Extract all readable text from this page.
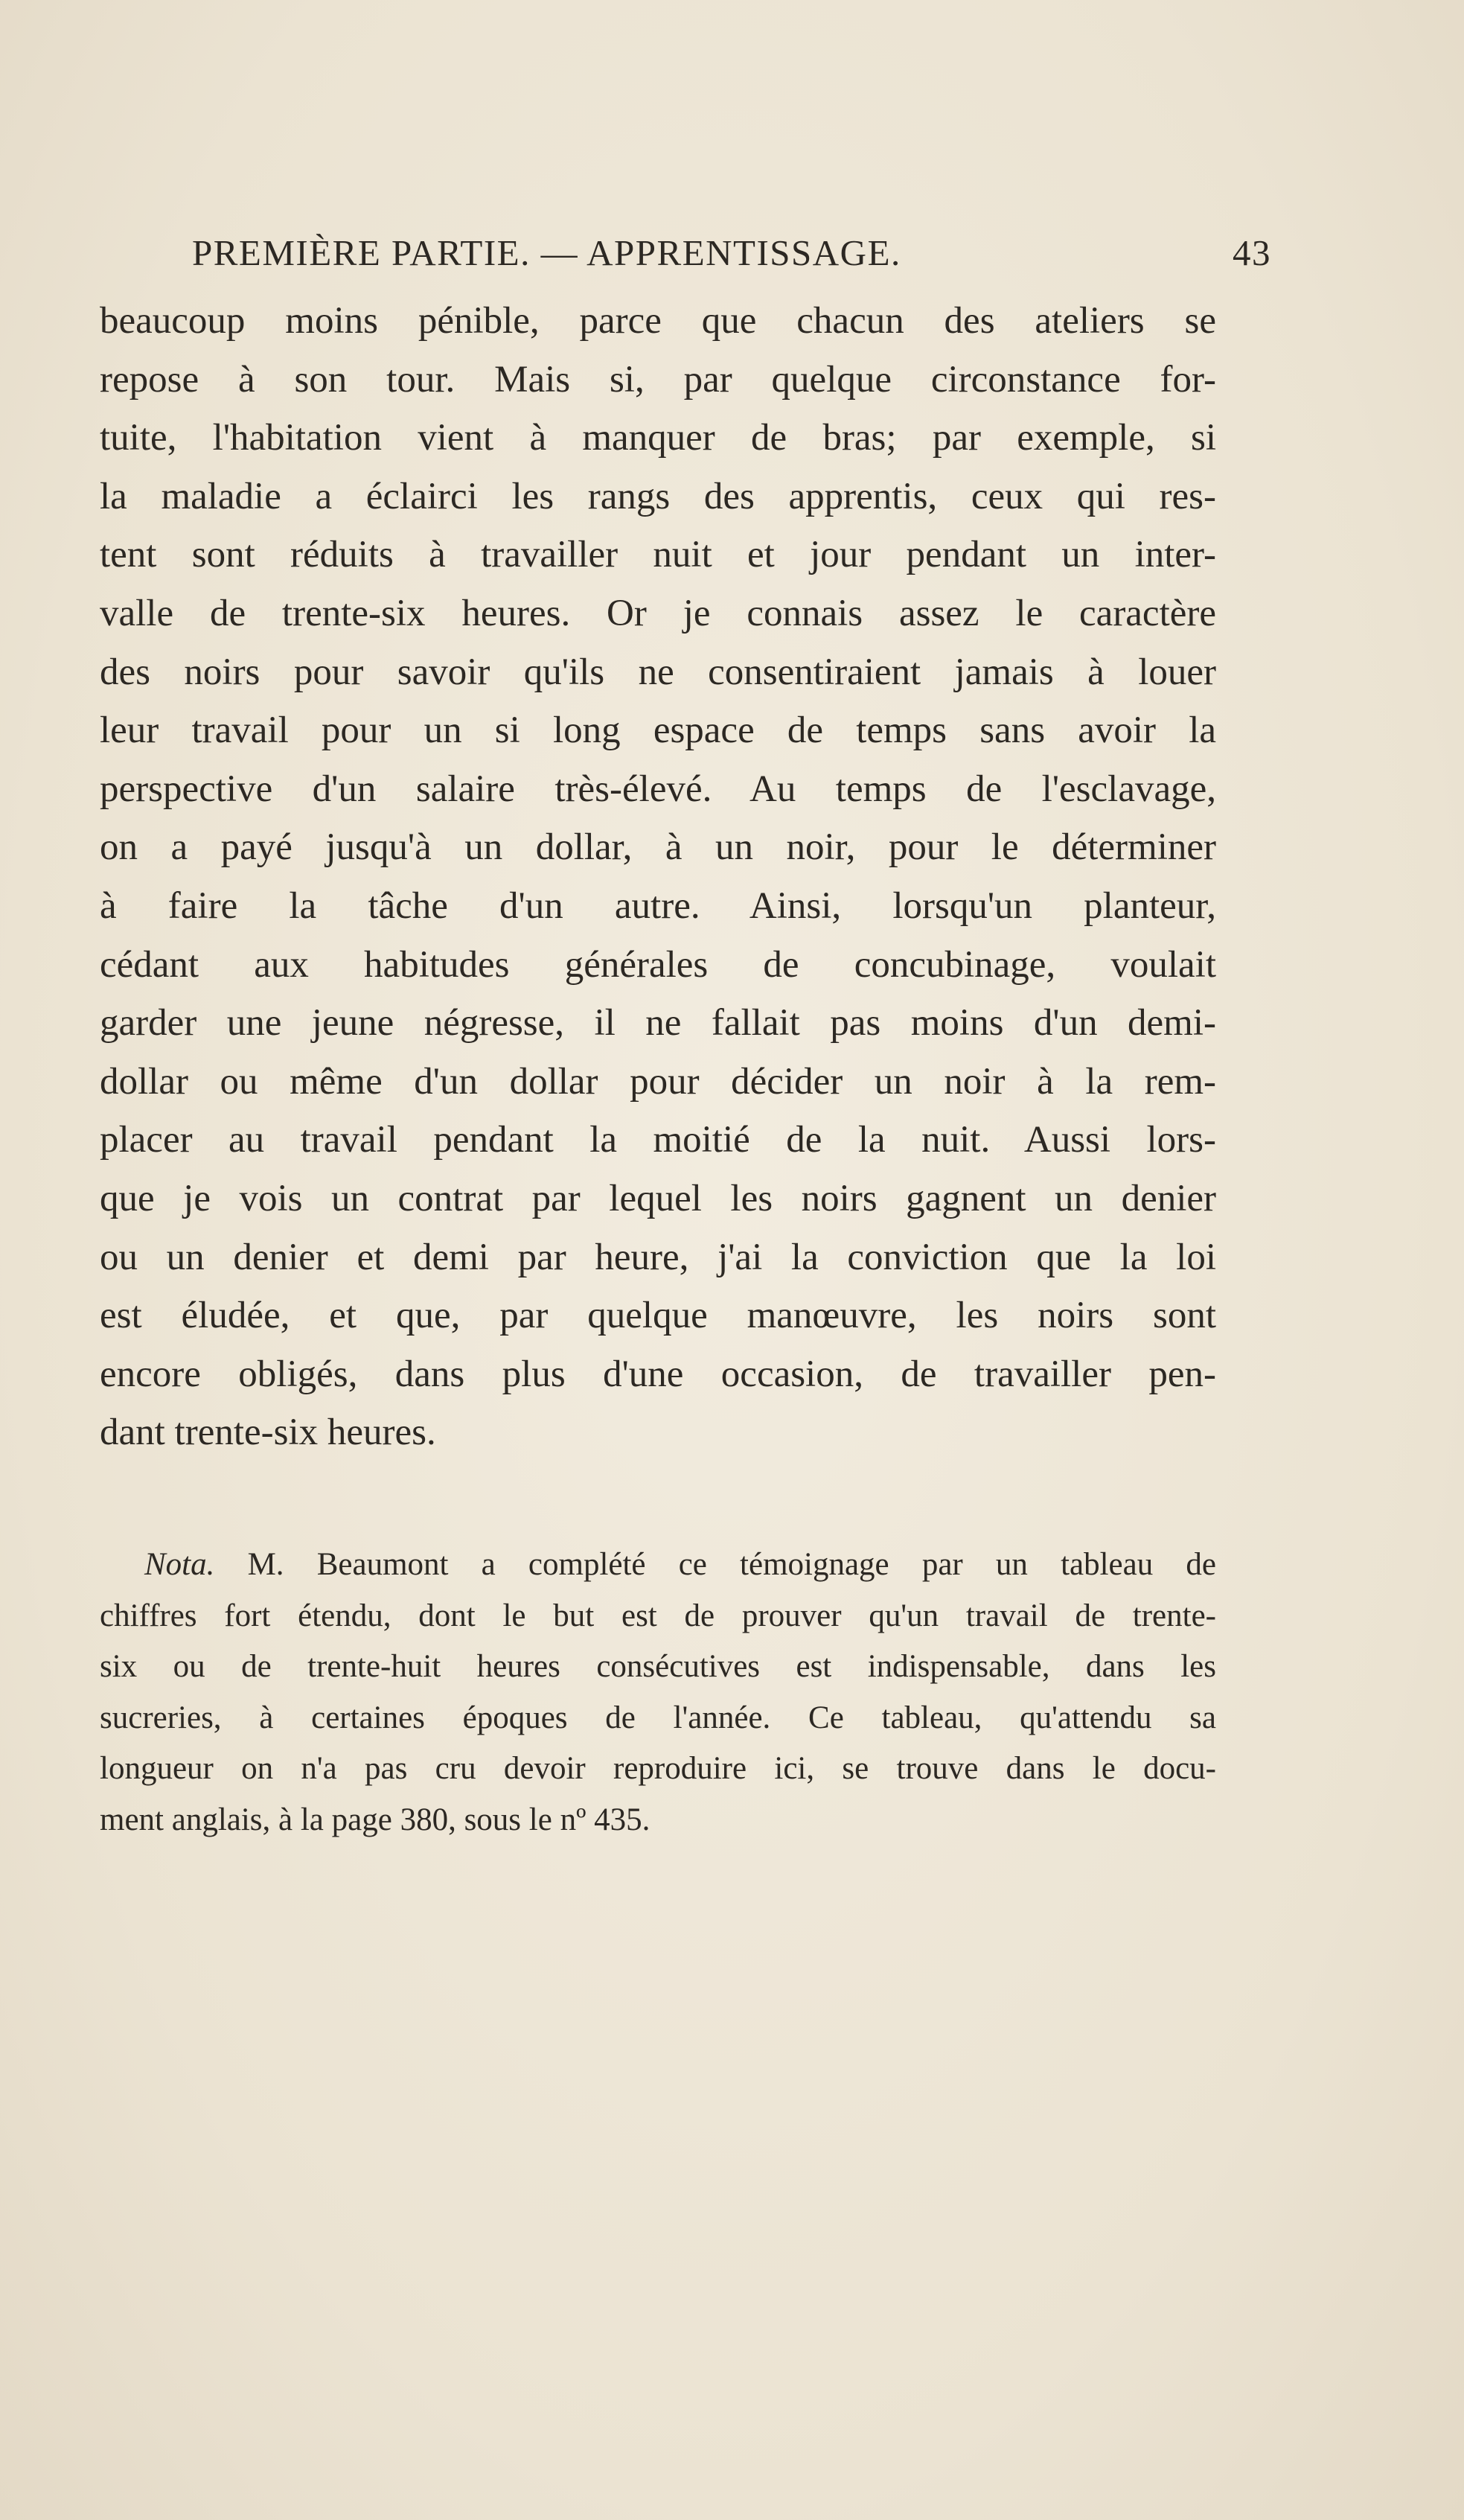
PREMIÈRE PARTIE. — APPRENTISSAGE.	43
beaucoup moins pénible, parce que chacun des ateliers se
repose à son tour. Mais si, par quelque circonstance for-
tuite, l'habitation vient à manquer de bras; par exemple, si
la maladie a éclairci les rangs des apprentis, ceux qui res-
tent sont réduits à travailler nuit et jour pendant un inter-
valle de trente-six heures. Or je connais assez le caractère
des noirs pour savoir qu'ils ne consentiraient jamais à louer
leur travail pour un si long espace de temps sans avoir la
perspective d'un salaire très-élevé. Au temps de l'esclavage,
on a payé jusqu'à un dollar, à un noir, pour le déterminer
à faire la tâche d'un autre. Ainsi, lorsqu'un planteur,
cédant aux habitudes générales de concubinage, voulait
garder une jeune négresse, il ne fallait pas moins d'un demi-
dollar ou même d'un dollar pour décider un noir à la rem-
placer au travail pendant la moitié de la nuit. Aussi lors-
que je vois un contrat par lequel les noirs gagnent un denier
ou un denier et demi par heure, j'ai la conviction que la loi
est éludée, et que, par quelque manœuvre, les noirs sont
encore obligés, dans plus d'une occasion, de travailler pen-
dant trente-six heures.
Nota. M. Beaumont a complété ce témoignage par un tableau de
chiffres fort étendu, dont le but est de prouver qu'un travail de trente-
six ou de trente-huit heures consécutives est indispensable, dans les
sucreries, à certaines époques de l'année. Ce tableau, qu'attendu sa
longueur on n'a pas cru devoir reproduire ici, se trouve dans le docu-
ment anglais, à la page 380, sous le nº 435.
